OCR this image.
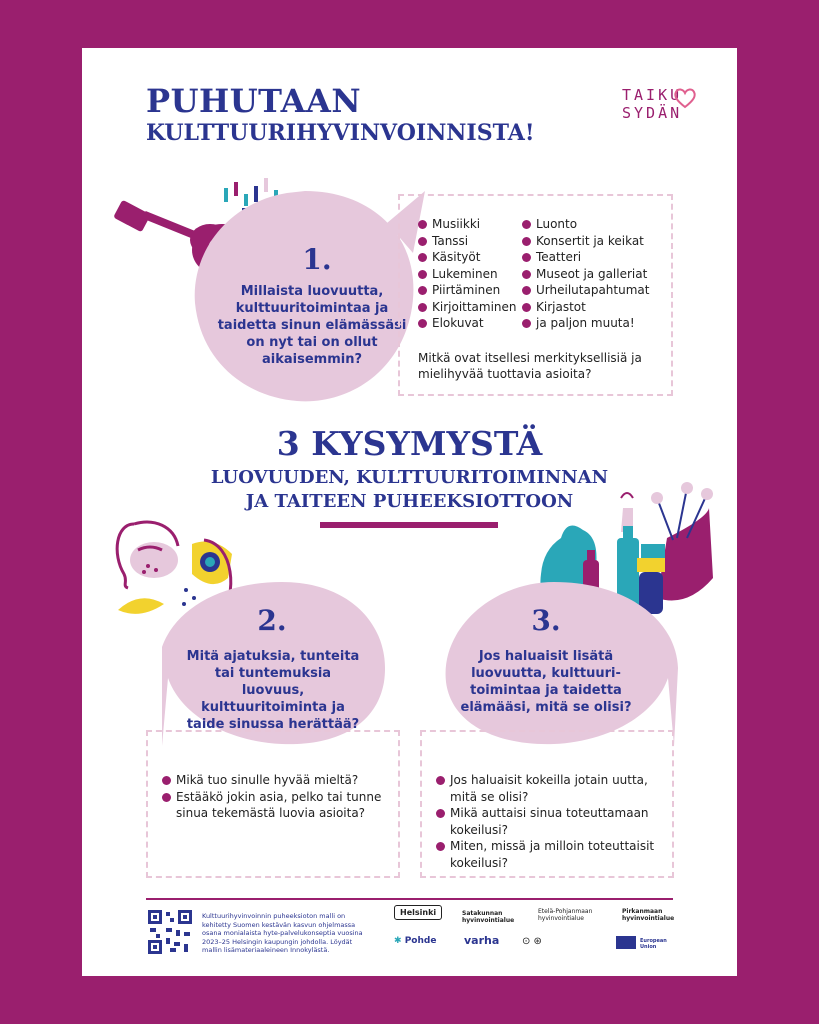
PUHUTAAN
KULTTUURIHYVINVOINNISTA!
TAIKU
SYDÄN
1.
Millaista luovuutta, kulttuuritoimintaa ja taidetta sinun elämässäsi on nyt tai on ollut aikaisemmin?
Musiikki
Tanssi
Käsityöt
Lukeminen
Piirtäminen
Kirjoittaminen
Elokuvat
Luonto
Konsertit ja keikat
Teatteri
Museot ja galleriat
Urheilutapahtumat
Kirjastot
ja paljon muuta!
Mitkä ovat itsellesi merkityksellisiä ja mielihyvää tuottavia asioita?
3 KYSYMYSTÄ
LUOVUUDEN, KULTTUURITOIMINNAN
JA TAITEEN PUHEEKSIOTTOON
2.
Mitä ajatuksia, tunteita tai tuntemuksia luovuus, kulttuuritoiminta ja taide sinussa herättää?
Mikä tuo sinulle hyvää mieltä?
Estääkö jokin asia, pelko tai tunne sinua tekemästä luovia asioita?
3.
Jos haluaisit lisätä luovuutta, kulttuuri-toimintaa ja taidetta elämääsi, mitä se olisi?
Jos haluaisit kokeilla jotain uutta, mitä se olisi?
Mikä auttaisi sinua toteuttamaan kokeilusi?
Miten, missä ja milloin toteuttaisit kokeilusi?
Kulttuurihyvinvoinnin puheeksioton malli on kehitetty Suomen kestävän kasvun ohjelmassa osana monialaista hyte-palvelukonseptia vuosina 2023–25 Helsingin kaupungin johdolla. Löydät mallin lisämateriaaleineen Innokylästä.
Helsinki	Satakunnan hyvinvointialue
Etelä-Pohjanmaan hyvinvointialue
Pirkanmaan hyvinvointialue
✱ Pohde	varha ⊙ ⊛	European Union
